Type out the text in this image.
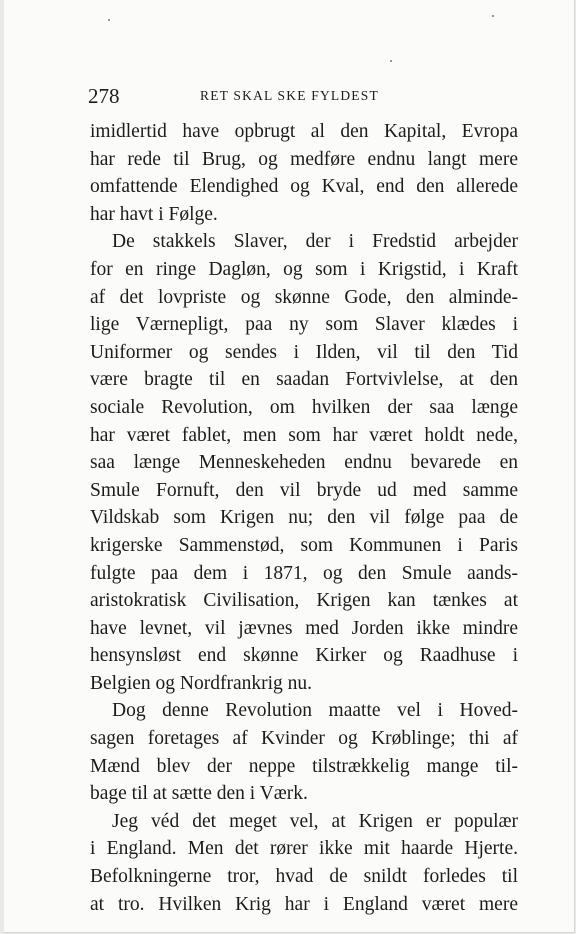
278	RET SKAL SKE FYLDEST
imidlertid have opbrugt al den Kapital, Evropa
har rede til Brug, og medføre endnu langt mere
omfattende Elendighed og Kval, end den allerede
har havt i Følge.
De stakkels Slaver, der i Fredstid arbejder
for en ringe Dagløn, og som i Krigstid, i Kraft
af det lovpriste og skønne Gode, den alminde-
lige Værnepligt, paa ny som Slaver klædes i
Uniformer og sendes i Ilden, vil til den Tid
være bragte til en saadan Fortvivlelse, at den
sociale Revolution, om hvilken der saa længe
har været fablet, men som har været holdt nede,
saa længe Menneskeheden endnu bevarede en
Smule Fornuft, den vil bryde ud med samme
Vildskab som Krigen nu; den vil følge paa de
krigerske Sammenstød, som Kommunen i Paris
fulgte paa dem i 1871, og den Smule aands-
aristokratisk Civilisation, Krigen kan tænkes at
have levnet, vil jævnes med Jorden ikke mindre
hensynsløst end skønne Kirker og Raadhuse i
Belgien og Nordfrankrig nu.
Dog denne Revolution maatte vel i Hoved-
sagen foretages af Kvinder og Krøblinge; thi af
Mænd blev der neppe tilstrækkelig mange til-
bage til at sætte den i Værk.
Jeg véd det meget vel, at Krigen er populær
i England. Men det rører ikke mit haarde Hjerte.
Befolkningerne tror, hvad de snildt forledes til
at tro. Hvilken Krig har i England været mere
